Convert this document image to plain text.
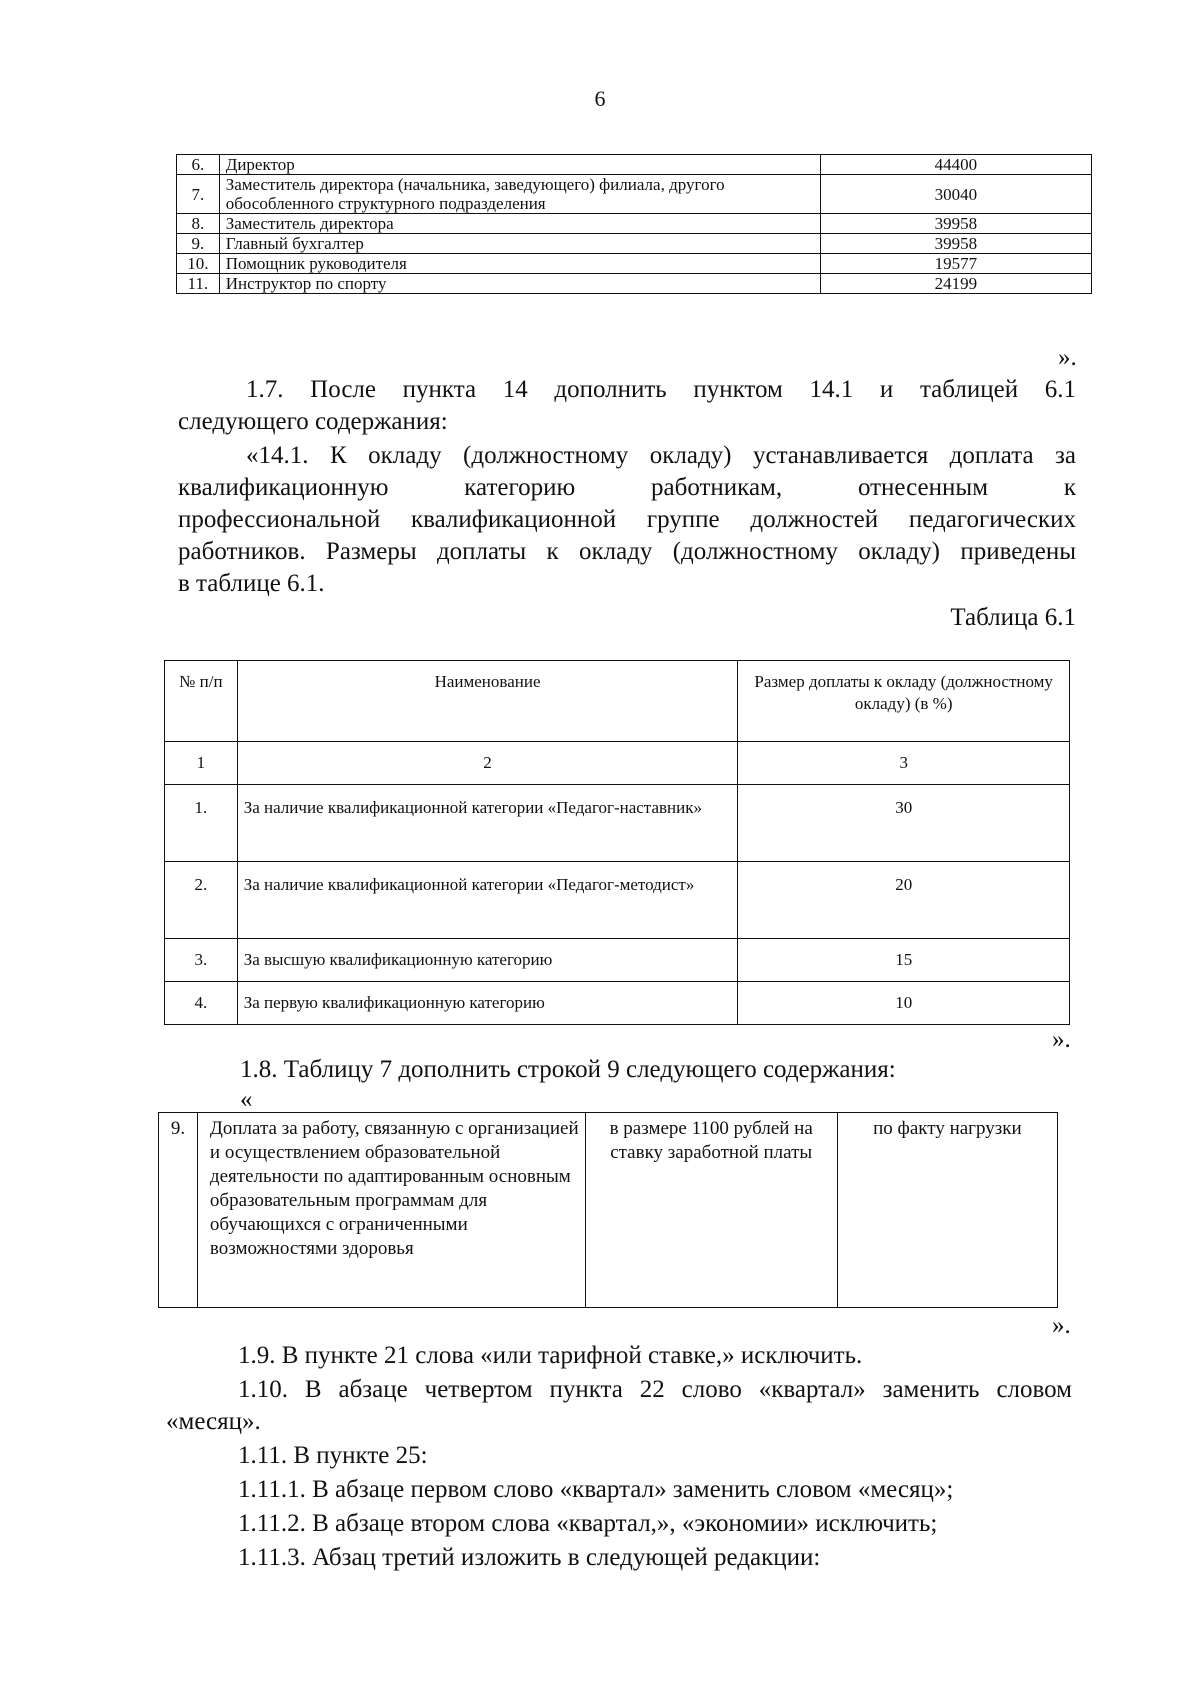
6
6.	Директор	44400
7.	Заместитель директора (начальника, заведующего) филиала, другого обособленного структурного подразделения	30040
8.	Заместитель директора	39958
9.	Главный бухгалтер	39958
10.	Помощник руководителя	19577
11.	Инструктор по спорту	24199
».
1.7. После пункта 14 дополнить пунктом 14.1 и таблицей 6.1
следующего содержания:
«14.1. К окладу (должностному окладу) устанавливается доплата за
квалификационную категорию работникам, отнесенным к
профессиональной квалификационной группе должностей педагогических
работников. Размеры доплаты к окладу (должностному окладу) приведены
в таблице 6.1.
Таблица 6.1
№ п/п	Наименование	Размер доплаты к окладу (должностному окладу) (в %)
1	2	3
1.	За наличие квалификационной категории «Педагог-наставник»	30
2.	За наличие квалификационной категории «Педагог-методист»	20
3.	За высшую квалификационную категорию	15
4.	За первую квалификационную категорию	10
».
1.8. Таблицу 7 дополнить строкой 9 следующего содержания:
«
9.	Доплата за работу, связанную с организацией и осуществлением образовательной деятельности по адаптированным основным образовательным программам для обучающихся с ограниченными возможностями здоровья	в размере 1100 рублей на ставку заработной платы	по факту нагрузки
».
1.9. В пункте 21 слова «или тарифной ставке,» исключить.
1.10. В абзаце четвертом пункта 22 слово «квартал» заменить словом
«месяц».
1.11. В пункте 25:
1.11.1. В абзаце первом слово «квартал» заменить словом «месяц»;
1.11.2. В абзаце втором слова «квартал,», «экономии» исключить;
1.11.3. Абзац третий изложить в следующей редакции:
